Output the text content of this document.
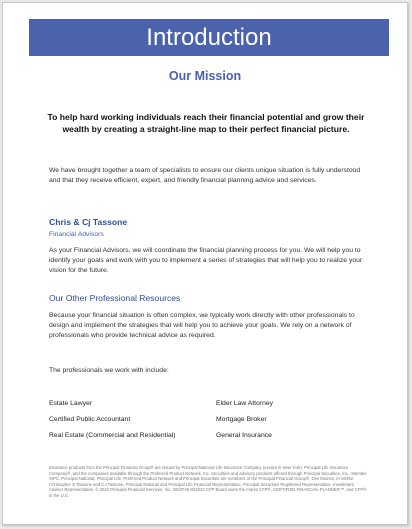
Introduction
Our Mission
To help hard working individuals reach their financial potential and grow their wealth by creating a straight-line map to their perfect financial picture.
We have brought together a team of specialists to ensure our clients unique situation is fully understood and that they receive efficient, expert, and friendly financial planning advice and services.
Chris & Cj Tassone
Financial Advisors
As your Financial Advisors, we will coordinate the financial planning process for you. We will help you to identify your goals and work with you to implement a series of strategies that will help you to realize your vision for the future.
Our Other Professional Resources
Because your financial situation is often complex, we typically work directly with other professionals to design and implement the strategies that will help you to achieve your goals. We rely on a network of professionals who provide technical advice as required.
The professionals we work with include:
Estate Lawyer	Elder Law Attorney
Certified Public Accountant	Mortgage Broker
Real Estate (Commercial and Residential)	General Insurance
Insurance products from the Principal Financial Group® are issued by Principal National Life Insurance Company (except in New York), Principal Life Insurance Company®, and the companies available through the Preferred Product Network, Inc. Securities and advisory products offered through Principal Securities, Inc., Member SIPC. Principal National, Principal Life, Preferred Product Network and Principal Securities are members of the Principal Financial Group®, Des Moines, IA 50392. Christopher S Tassone and CJ Tassone, Principal National and Principal Life Financial Representative, Principal Securities Registered Representative, Investment Advisor Representative. © 2022 Principal Financial Services, Inc. 2003745-022022 CFP Board owns the marks CFP®, CERTIFIED FINANCIAL PLANNER™, and CFP® in the U.S.
